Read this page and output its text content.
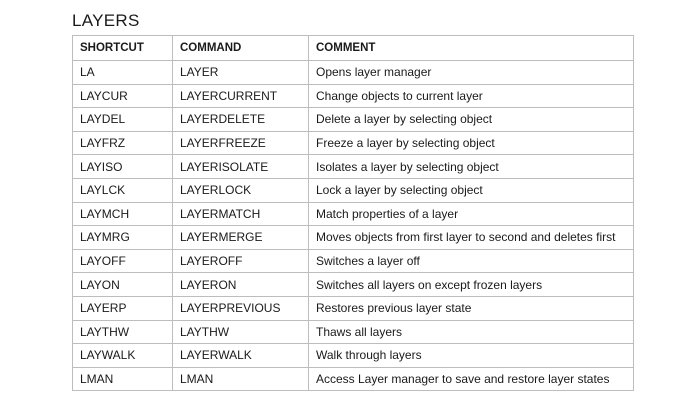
LAYERS
SHORTCUT	COMMAND	COMMENT
LA	LAYER	Opens layer manager
LAYCUR	LAYERCURRENT	Change objects to current layer
LAYDEL	LAYERDELETE	Delete a layer by selecting object
LAYFRZ	LAYERFREEZE	Freeze a layer by selecting object
LAYISO	LAYERISOLATE	Isolates a layer by selecting object
LAYLCK	LAYERLOCK	Lock a layer by selecting object
LAYMCH	LAYERMATCH	Match properties of a layer
LAYMRG	LAYERMERGE	Moves objects from first layer to second and deletes first
LAYOFF	LAYEROFF	Switches a layer off
LAYON	LAYERON	Switches all layers on except frozen layers
LAYERP	LAYERPREVIOUS	Restores previous layer state
LAYTHW	LAYTHW	Thaws all layers
LAYWALK	LAYERWALK	Walk through layers
LMAN	LMAN	Access Layer manager to save and restore layer states
